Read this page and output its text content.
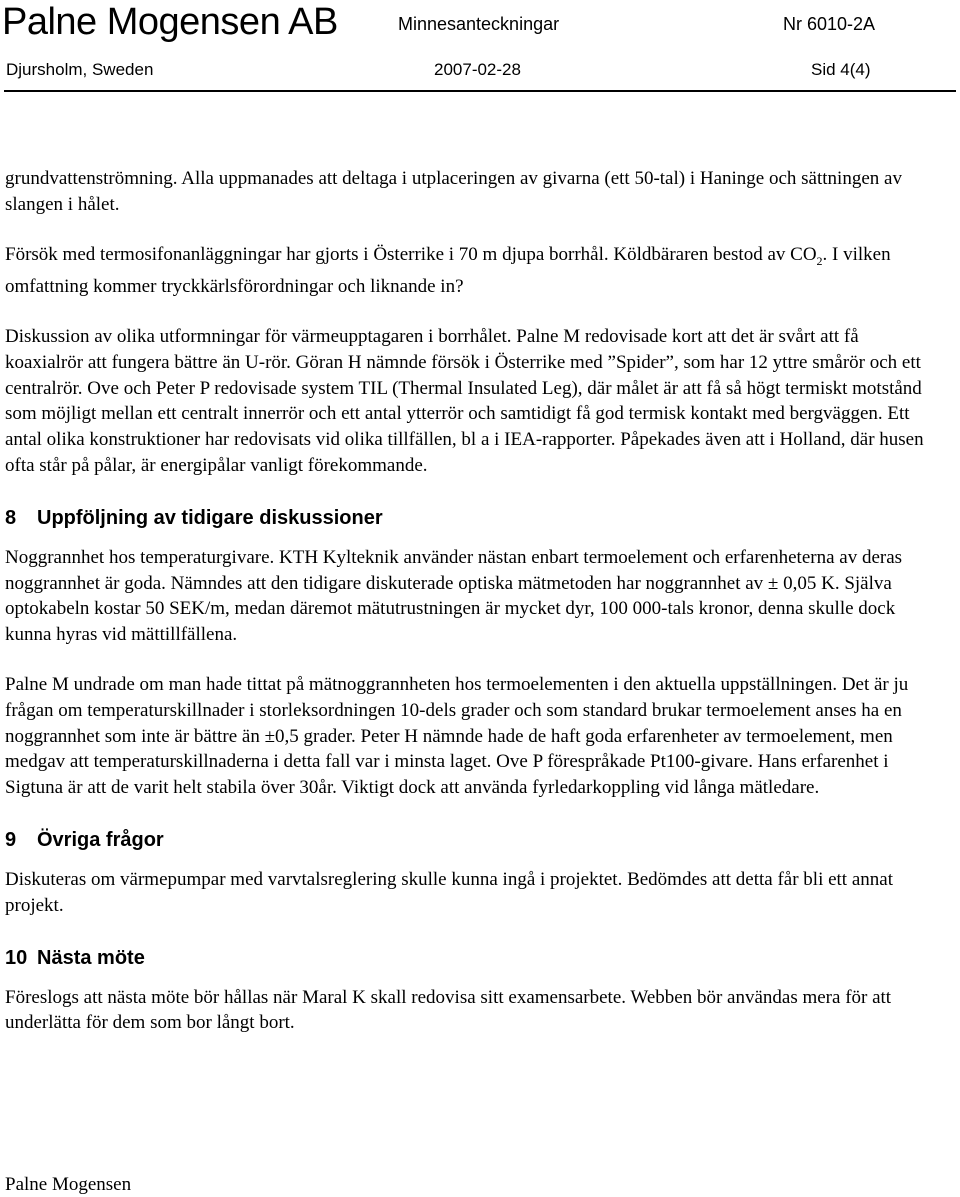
Palne Mogensen AB	Minnesanteckningar	Nr 6010-2A
Djursholm, Sweden	2007-02-28	Sid 4(4)

grundvattenströmning. Alla uppmanades att deltaga i utplaceringen av givarna (ett 50-tal) i Haninge och sättningen av slangen i hålet.

Försök med termosifonanläggningar har gjorts i Österrike i 70 m djupa borrhål. Köldbäraren bestod av $CO_2$. I vilken omfattning kommer tryckkärlsförordningar och liknande in?

Diskussion av olika utformningar för värmeupptagaren i borrhålet. Palne M redovisade kort att det är svårt att få koaxialrör att fungera bättre än U-rör. Göran H nämnde försök i Österrike med ”Spider”, som har 12 yttre smårör och ett centralrör. Ove och Peter P redovisade system TIL (Thermal Insulated Leg), där målet är att få så högt termiskt motstånd som möjligt mellan ett centralt innerrör och ett antal ytterrör och samtidigt få god termisk kontakt med bergväggen. Ett antal olika konstruktioner har redovisats vid olika tillfällen, bl a i IEA-rapporter. Påpekades även att i Holland, där husen ofta står på pålar, är energipålar vanligt förekommande.

8 Uppföljning av tidigare diskussioner

Noggrannhet hos temperaturgivare. KTH Kylteknik använder nästan enbart termoelement och erfarenheterna av deras noggrannhet är goda. Nämndes att den tidigare diskuterade optiska mätmetoden har noggrannhet av ± 0,05 K. Själva optokabeln kostar 50 SEK/m, medan däremot mätutrustningen är mycket dyr, 100 000-tals kronor, denna skulle dock kunna hyras vid mättillfällena.

Palne M undrade om man hade tittat på mätnoggrannheten hos termoelementen i den aktuella uppställningen. Det är ju frågan om temperaturskillnader i storleksordningen 10-dels grader och som standard brukar termoelement anses ha en noggrannhet som inte är bättre än ±0,5 grader. Peter H nämnde hade de haft goda erfarenheter av termoelement, men medgav att temperaturskillnaderna i detta fall var i minsta laget. Ove P förespråkade Pt100-givare. Hans erfarenhet i Sigtuna är att de varit helt stabila över 30år. Viktigt dock att använda fyrledarkoppling vid långa mätledare.

9 Övriga frågor

Diskuteras om värmepumpar med varvtalsreglering skulle kunna ingå i projektet. Bedömdes att detta får bli ett annat projekt.

10 Nästa möte

Föreslogs att nästa möte bör hållas när Maral K skall redovisa sitt examensarbete. Webben bör användas mera för att underlätta för dem som bor långt bort.

Palne Mogensen
